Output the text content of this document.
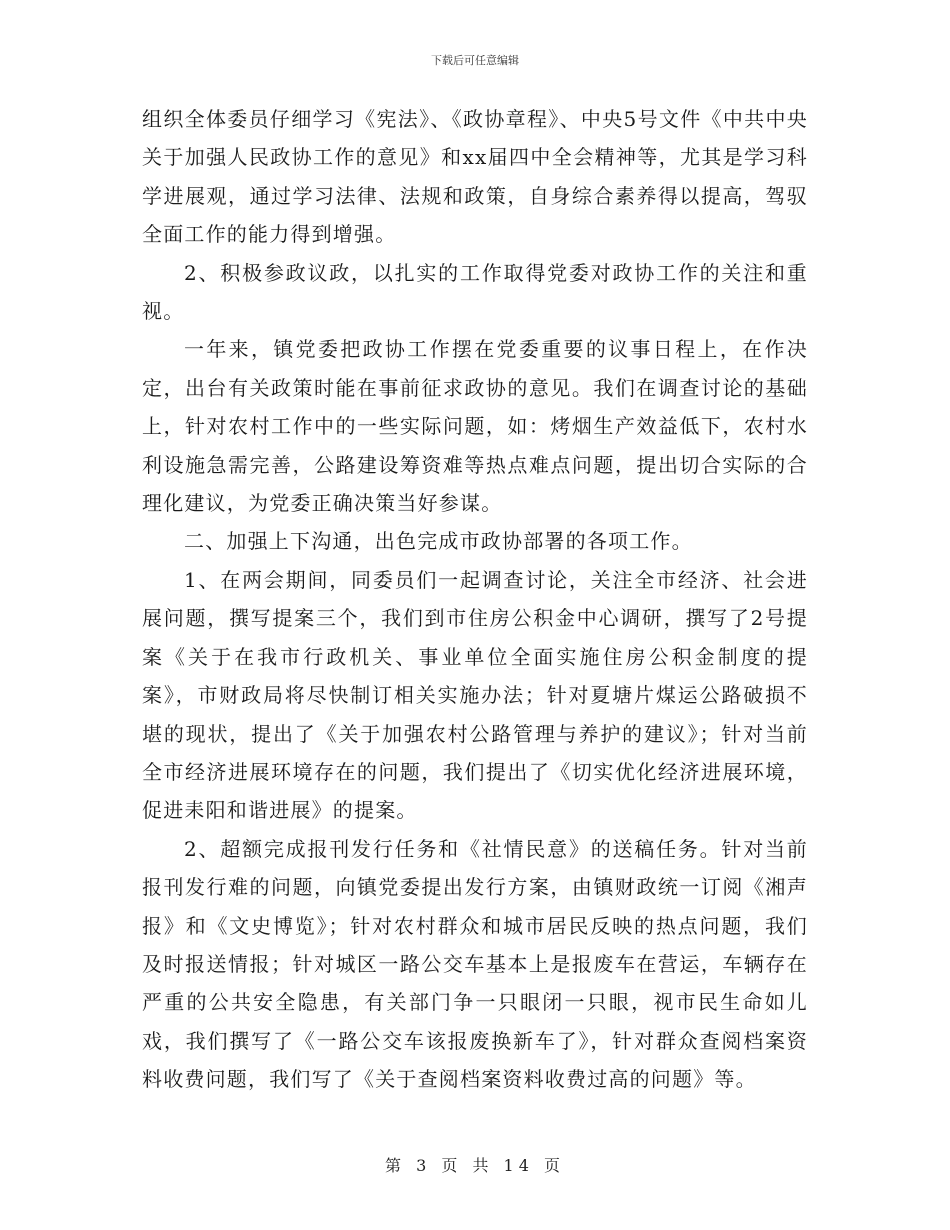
下载后可任意编辑

组织全体委员仔细学习《宪法》、《政协章程》、中央5号文件《中共中央关于加强人民政协工作的意见》和xx届四中全会精神等，尤其是学习科学进展观，通过学习法律、法规和政策，自身综合素养得以提高，驾驭全面工作的能力得到增强。

2、积极参政议政，以扎实的工作取得党委对政协工作的关注和重视。

一年来，镇党委把政协工作摆在党委重要的议事日程上，在作决定，出台有关政策时能在事前征求政协的意见。我们在调查讨论的基础上，针对农村工作中的一些实际问题，如：烤烟生产效益低下，农村水利设施急需完善，公路建设筹资难等热点难点问题，提出切合实际的合理化建议，为党委正确决策当好参谋。

二、加强上下沟通，出色完成市政协部署的各项工作。

1、在两会期间，同委员们一起调查讨论，关注全市经济、社会进展问题，撰写提案三个，我们到市住房公积金中心调研，撰写了2号提案《关于在我市行政机关、事业单位全面实施住房公积金制度的提案》，市财政局将尽快制订相关实施办法；针对夏塘片煤运公路破损不堪的现状，提出了《关于加强农村公路管理与养护的建议》；针对当前全市经济进展环境存在的问题，我们提出了《切实优化经济进展环境，促进耒阳和谐进展》的提案。

2、超额完成报刊发行任务和《社情民意》的送稿任务。针对当前报刊发行难的问题，向镇党委提出发行方案，由镇财政统一订阅《湘声报》和《文史博览》；针对农村群众和城市居民反映的热点问题，我们及时报送情报；针对城区一路公交车基本上是报废车在营运，车辆存在严重的公共安全隐患，有关部门争一只眼闭一只眼，视市民生命如儿戏，我们撰写了《一路公交车该报废换新车了》，针对群众查阅档案资料收费问题，我们写了《关于查阅档案资料收费过高的问题》等。

第 3 页 共 14 页
